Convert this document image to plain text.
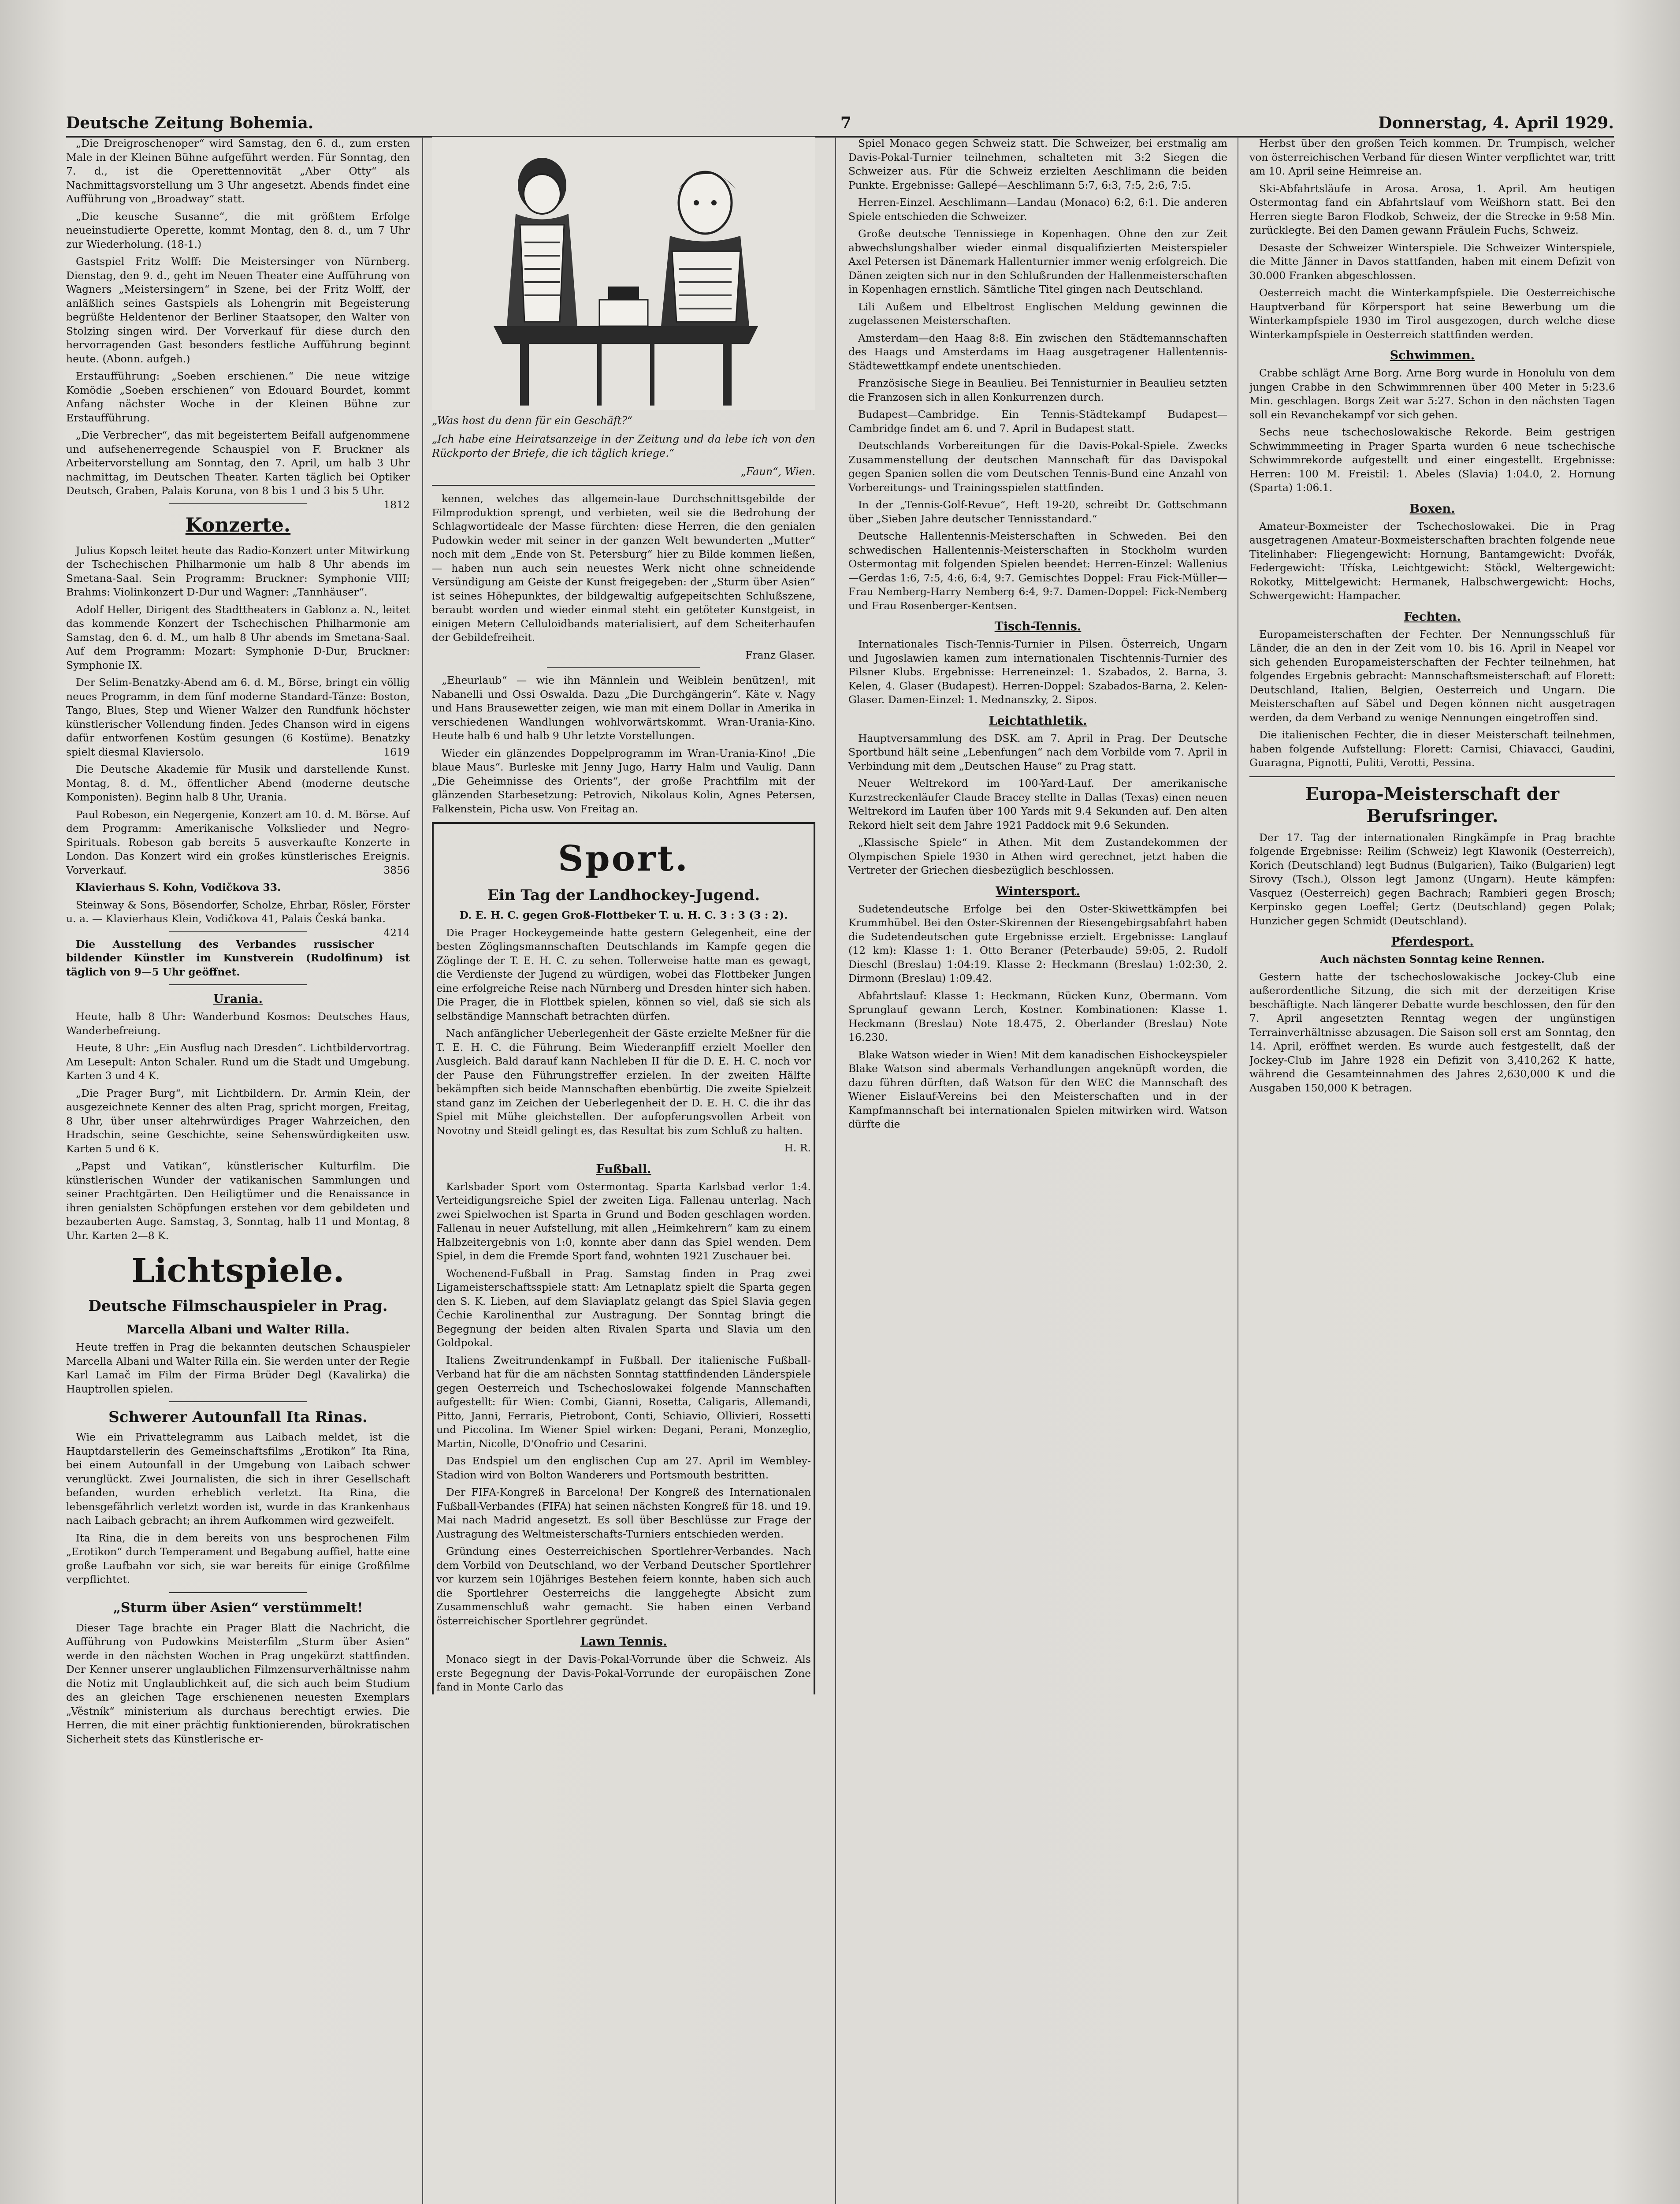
Deutsche Zeitung Bohemia.	7	Donnerstag, 4. April 1929.

„Die Dreigroschenoper“ wird Samstag, den 6. d., zum ersten Male in der Kleinen Bühne aufgeführt werden. Für Sonntag, den 7. d., ist die Operettennovität „Aber Otty“ als Nachmittagsvorstellung um 3 Uhr angesetzt. Abends findet eine Aufführung von „Broadway“ statt.

„Die keusche Susanne“, die mit größtem Erfolge neueinstudierte Operette, kommt Montag, den 8. d., um 7 Uhr zur Wiederholung. (18-1.)

Gastspiel Fritz Wolff: Die Meistersinger von Nürnberg. Dienstag, den 9. d., geht im Neuen Theater eine Aufführung von Wagners „Meistersingern“ in Szene, bei der Fritz Wolff, der anläßlich seines Gastspiels als Lohengrin mit Begeisterung begrüßte Heldentenor der Berliner Staatsoper, den Walter von Stolzing singen wird. Der Vorverkauf für diese durch den hervorragenden Gast besonders festliche Aufführung beginnt heute. (Abonn. aufgeh.)

Erstaufführung: „Soeben erschienen.“ Die neue witzige Komödie „Soeben erschienen“ von Edouard Bourdet, kommt Anfang nächster Woche in der Kleinen Bühne zur Erstaufführung.

„Die Verbrecher“, das mit begeistertem Beifall aufgenommene und aufsehenerregende Schauspiel von F. Bruckner als Arbeitervorstellung am Sonntag, den 7. April, um halb 3 Uhr nachmittag, im Deutschen Theater. Karten täglich bei Optiker Deutsch, Graben, Palais Koruna, von 8 bis 1 und 3 bis 5 Uhr.
1812

Konzerte.

Julius Kopsch leitet heute das Radio-Konzert unter Mitwirkung der Tschechischen Philharmonie um halb 8 Uhr abends im Smetana-Saal. Sein Programm: Bruckner: Symphonie VIII; Brahms: Violinkonzert D-Dur und Wagner: „Tannhäuser“.

Adolf Heller, Dirigent des Stadttheaters in Gablonz a. N., leitet das kommende Konzert der Tschechischen Philharmonie am Samstag, den 6. d. M., um halb 8 Uhr abends im Smetana-Saal. Auf dem Programm: Mozart: Symphonie D-Dur, Bruckner: Symphonie IX.

Der Selim-Benatzky-Abend am 6. d. M., Börse, bringt ein völlig neues Programm, in dem fünf moderne Standard-Tänze: Boston, Tango, Blues, Step und Wiener Walzer den Rundfunk höchster künstlerischer Vollendung finden. Jedes Chanson wird in eigens dafür entworfenen Kostüm gesungen (6 Kostüme). Benatzky spielt diesmal Klaviersolo.	1619

Die Deutsche Akademie für Musik und darstellende Kunst. Montag, 8. d. M., öffentlicher Abend (moderne deutsche Komponisten). Beginn halb 8 Uhr, Urania.

Paul Robeson, ein Negergenie, Konzert am 10. d. M. Börse. Auf dem Programm: Amerikanische Volkslieder und Negro-Spirituals. Robeson gab bereits 5 ausverkaufte Konzerte in London. Das Konzert wird ein großes künstlerisches Ereignis. Vorverkauf.	3856

Klavierhaus S. Kohn, Vodičkova 33.

Steinway & Sons, Bösendorfer, Scholze, Ehrbar, Rösler, Förster u. a. — Klavierhaus Klein, Vodičkova 41, Palais Česká banka.
4214

Die Ausstellung des Verbandes russischer bildender Künstler im Kunstverein (Rudolfinum) ist täglich von 9—5 Uhr geöffnet.

Urania.

Heute, halb 8 Uhr: Wanderbund Kosmos: Deutsches Haus, Wanderbefreiung.

Heute, 8 Uhr: „Ein Ausflug nach Dresden“. Lichtbildervortrag. Am Lesepult: Anton Schaler. Rund um die Stadt und Umgebung. Karten 3 und 4 K.

„Die Prager Burg“, mit Lichtbildern. Dr. Armin Klein, der ausgezeichnete Kenner des alten Prag, spricht morgen, Freitag, 8 Uhr, über unser altehrwürdiges Prager Wahrzeichen, den Hradschin, seine Geschichte, seine Sehenswürdigkeiten usw. Karten 5 und 6 K.

„Papst und Vatikan“, künstlerischer Kulturfilm. Die künstlerischen Wunder der vatikanischen Sammlungen und seiner Prachtgärten. Den Heiligtümer und die Renaissance in ihren genialsten Schöpfungen erstehen vor dem gebildeten und bezauberten Auge. Samstag, 3, Sonntag, halb 11 und Montag, 8 Uhr. Karten 2—8 K.

Lichtspiele.
Deutsche Filmschauspieler in Prag.
Marcella Albani und Walter Rilla.

Heute treffen in Prag die bekannten deutschen Schauspieler Marcella Albani und Walter Rilla ein. Sie werden unter der Regie Karl Lamač im Film der Firma Brüder Degl (Kavalirka) die Hauptrollen spielen.

Schwerer Autounfall Ita Rinas.

Wie ein Privattelegramm aus Laibach meldet, ist die Hauptdarstellerin des Gemeinschaftsfilms „Erotikon“ Ita Rina, bei einem Autounfall in der Umgebung von Laibach schwer verunglückt. Zwei Journalisten, die sich in ihrer Gesellschaft befanden, wurden erheblich verletzt. Ita Rina, die lebensgefährlich verletzt worden ist, wurde in das Krankenhaus nach Laibach gebracht; an ihrem Aufkommen wird gezweifelt.

Ita Rina, die in dem bereits von uns besprochenen Film „Erotikon“ durch Temperament und Begabung auffiel, hatte eine große Laufbahn vor sich, sie war bereits für einige Großfilme verpflichtet.

„Sturm über Asien“ verstümmelt!

Dieser Tage brachte ein Prager Blatt die Nachricht, die Aufführung von Pudowkins Meisterfilm „Sturm über Asien“ werde in den nächsten Wochen in Prag ungekürzt stattfinden. Der Kenner unserer unglaublichen Filmzensurverhältnisse nahm die Notiz mit Unglaublichkeit auf, die sich auch beim Studium des an gleichen Tage erschienenen neuesten Exemplars „Věstník“ ministerium als durchaus berechtigt erwies. Die Herren, die mit einer prächtig funktionierenden, bürokratischen Sicherheit stets das Künstlerische er-

„Was host du denn für ein Geschäft?“

„Ich habe eine Heiratsanzeige in der Zeitung und da lebe ich von den Rückporto der Briefe, die ich täglich kriege.“

„Faun“, Wien.

kennen, welches das allgemein-laue Durchschnittsgebilde der Filmproduktion sprengt, und verbieten, weil sie die Bedrohung der Schlagwortideale der Masse fürchten: diese Herren, die den genialen Pudowkin weder mit seiner in der ganzen Welt bewunderten „Mutter“ noch mit dem „Ende von St. Petersburg“ hier zu Bilde kommen ließen, — haben nun auch sein neuestes Werk nicht ohne schneidende Versündigung am Geiste der Kunst freigegeben: der „Sturm über Asien“ ist seines Höhepunktes, der bildgewaltig aufgepeitschten Schlußszene, beraubt worden und wieder einmal steht ein getöteter Kunstgeist, in einigen Metern Celluloidbands materialisiert, auf dem Scheiterhaufen der Gebildefreiheit.

Franz Glaser.

„Eheurlaub“ — wie ihn Männlein und Weiblein benützen!, mit Nabanelli und Ossi Oswalda. Dazu „Die Durchgängerin“. Käte v. Nagy und Hans Brausewetter zeigen, wie man mit einem Dollar in Amerika in verschiedenen Wandlungen wohlvorwärtskommt. Wran-Urania-Kino. Heute halb 6 und halb 9 Uhr letzte Vorstellungen.

Wieder ein glänzendes Doppelprogramm im Wran-Urania-Kino! „Die blaue Maus“. Burleske mit Jenny Jugo, Harry Halm und Vaulig. Dann „Die Geheimnisse des Orients“, der große Prachtfilm mit der glänzenden Starbesetzung: Petrovich, Nikolaus Kolin, Agnes Petersen, Falkenstein, Picha usw. Von Freitag an.

Sport.
Ein Tag der Landhockey-Jugend.

D. E. H. C. gegen Groß-Flottbeker T. u. H. C. 3 : 3 (3 : 2).

Die Prager Hockeygemeinde hatte gestern Gelegenheit, eine der besten Zöglingsmannschaften Deutschlands im Kampfe gegen die Zöglinge der T. E. H. C. zu sehen. Tollerweise hatte man es gewagt, die Verdienste der Jugend zu würdigen, wobei das Flottbeker Jungen eine erfolgreiche Reise nach Nürnberg und Dresden hinter sich haben. Die Prager, die in Flottbek spielen, können so viel, daß sie sich als selbständige Mannschaft betrachten dürfen.

Nach anfänglicher Ueberlegenheit der Gäste erzielte Meßner für die T. E. H. C. die Führung. Beim Wiederanpfiff erzielt Moeller den Ausgleich. Bald darauf kann Nachleben II für die D. E. H. C. noch vor der Pause den Führungstreffer erzielen. In der zweiten Hälfte bekämpften sich beide Mannschaften ebenbürtig. Die zweite Spielzeit stand ganz im Zeichen der Ueberlegenheit der D. E. H. C. die ihr das Spiel mit Mühe gleichstellen. Der aufopferungsvollen Arbeit von Novotny und Steidl gelingt es, das Resultat bis zum Schluß zu halten.

H. R.

Fußball.

Karlsbader Sport vom Ostermontag. Sparta Karlsbad verlor 1:4. Verteidigungsreiche Spiel der zweiten Liga. Fallenau unterlag. Nach zwei Spielwochen ist Sparta in Grund und Boden geschlagen worden. Fallenau in neuer Aufstellung, mit allen „Heimkehrern“ kam zu einem Halbzeitergebnis von 1:0, konnte aber dann das Spiel wenden. Dem Spiel, in dem die Fremde Sport fand, wohnten 1921 Zuschauer bei.

Wochenend-Fußball in Prag. Samstag finden in Prag zwei Ligameisterschaftsspiele statt: Am Letnaplatz spielt die Sparta gegen den S. K. Lieben, auf dem Slaviaplatz gelangt das Spiel Slavia gegen Čechie Karolinenthal zur Austragung. Der Sonntag bringt die Begegnung der beiden alten Rivalen Sparta und Slavia um den Goldpokal.

Italiens Zweitrundenkampf in Fußball. Der italienische Fußball-Verband hat für die am nächsten Sonntag stattfindenden Länderspiele gegen Oesterreich und Tschechoslowakei folgende Mannschaften aufgestellt: für Wien: Combi, Gianni, Rosetta, Caligaris, Allemandi, Pitto, Janni, Ferraris, Pietrobont, Conti, Schiavio, Ollivieri, Rossetti und Piccolina. Im Wiener Spiel wirken: Degani, Perani, Monzeglio, Martin, Nicolle, D'Onofrio und Cesarini.

Das Endspiel um den englischen Cup am 27. April im Wembley-Stadion wird von Bolton Wanderers und Portsmouth bestritten.

Der FIFA-Kongreß in Barcelona! Der Kongreß des Internationalen Fußball-Verbandes (FIFA) hat seinen nächsten Kongreß für 18. und 19. Mai nach Madrid angesetzt. Es soll über Beschlüsse zur Frage der Austragung des Weltmeisterschafts-Turniers entschieden werden.

Gründung eines Oesterreichischen Sportlehrer-Verbandes. Nach dem Vorbild von Deutschland, wo der Verband Deutscher Sportlehrer vor kurzem sein 10jähriges Bestehen feiern konnte, haben sich auch die Sportlehrer Oesterreichs die langgehegte Absicht zum Zusammenschluß wahr gemacht. Sie haben einen Verband österreichischer Sportlehrer gegründet.

Lawn Tennis.

Monaco siegt in der Davis-Pokal-Vorrunde über die Schweiz. Als erste Begegnung der Davis-Pokal-Vorrunde der europäischen Zone fand in Monte Carlo das

Spiel Monaco gegen Schweiz statt. Die Schweizer, bei erstmalig am Davis-Pokal-Turnier teilnehmen, schalteten mit 3:2 Siegen die Schweizer aus. Für die Schweiz erzielten Aeschlimann die beiden Punkte. Ergebnisse: Gallepé—Aeschlimann 5:7, 6:3, 7:5, 2:6, 7:5.

Herren-Einzel. Aeschlimann—Landau (Monaco) 6:2, 6:1. Die anderen Spiele entschieden die Schweizer.

Große deutsche Tennissiege in Kopenhagen. Ohne den zur Zeit abwechslungshalber wieder einmal disqualifizierten Meisterspieler Axel Petersen ist Dänemark Hallenturnier immer wenig erfolgreich. Die Dänen zeigten sich nur in den Schlußrunden der Hallenmeisterschaften in Kopenhagen ernstlich. Sämtliche Titel gingen nach Deutschland.

Lili Außem und Elbeltrost Englischen Meldung gewinnen die zugelassenen Meisterschaften.

Amsterdam—den Haag 8:8. Ein zwischen den Städtemannschaften des Haags und Amsterdams im Haag ausgetragener Hallentennis-Städtewettkampf endete unentschieden.

Französische Siege in Beaulieu. Bei Tennisturnier in Beaulieu setzten die Franzosen sich in allen Konkurrenzen durch.

Budapest—Cambridge. Ein Tennis-Städtekampf Budapest—Cambridge findet am 6. und 7. April in Budapest statt.

Deutschlands Vorbereitungen für die Davis-Pokal-Spiele. Zwecks Zusammenstellung der deutschen Mannschaft für das Davispokal gegen Spanien sollen die vom Deutschen Tennis-Bund eine Anzahl von Vorbereitungs- und Trainingsspielen stattfinden.

In der „Tennis-Golf-Revue“, Heft 19-20, schreibt Dr. Gottschmann über „Sieben Jahre deutscher Tennisstandard.“

Deutsche Hallentennis-Meisterschaften in Schweden. Bei den schwedischen Hallentennis-Meisterschaften in Stockholm wurden Ostermontag mit folgenden Spielen beendet: Herren-Einzel: Wallenius—Gerdas 1:6, 7:5, 4:6, 6:4, 9:7. Gemischtes Doppel: Frau Fick-Müller—Frau Nemberg-Harry Nemberg 6:4, 9:7. Damen-Doppel: Fick-Nemberg und Frau Rosenberger-Kentsen.

Tisch-Tennis.

Internationales Tisch-Tennis-Turnier in Pilsen. Österreich, Ungarn und Jugoslawien kamen zum internationalen Tischtennis-Turnier des Pilsner Klubs. Ergebnisse: Herreneinzel: 1. Szabados, 2. Barna, 3. Kelen, 4. Glaser (Budapest). Herren-Doppel: Szabados-Barna, 2. Kelen-Glaser. Damen-Einzel: 1. Mednanszky, 2. Sipos.

Leichtathletik.

Hauptversammlung des DSK. am 7. April in Prag. Der Deutsche Sportbund hält seine „Lebenfungen“ nach dem Vorbilde vom 7. April in Verbindung mit dem „Deutschen Hause“ zu Prag statt.

Neuer Weltrekord im 100-Yard-Lauf. Der amerikanische Kurzstreckenläufer Claude Bracey stellte in Dallas (Texas) einen neuen Weltrekord im Laufen über 100 Yards mit 9.4 Sekunden auf. Den alten Rekord hielt seit dem Jahre 1921 Paddock mit 9.6 Sekunden.

„Klassische Spiele“ in Athen. Mit dem Zustandekommen der Olympischen Spiele 1930 in Athen wird gerechnet, jetzt haben die Vertreter der Griechen diesbezüglich beschlossen.

Wintersport.

Sudetendeutsche Erfolge bei den Oster-Skiwettkämpfen bei Krummhübel. Bei den Oster-Skirennen der Riesengebirgsabfahrt haben die Sudetendeutschen gute Ergebnisse erzielt. Ergebnisse: Langlauf (12 km): Klasse 1: 1. Otto Beraner (Peterbaude) 59:05, 2. Rudolf Dieschl (Breslau) 1:04:19. Klasse 2: Heckmann (Breslau) 1:02:30, 2. Dirmonn (Breslau) 1:09.42.

Abfahrtslauf: Klasse 1: Heckmann, Rücken Kunz, Obermann. Vom Sprunglauf gewann Lerch, Kostner. Kombinationen: Klasse 1. Heckmann (Breslau) Note 18.475, 2. Oberlander (Breslau) Note 16.230.

Blake Watson wieder in Wien! Mit dem kanadischen Eishockeyspieler Blake Watson sind abermals Verhandlungen angeknüpft worden, die dazu führen dürften, daß Watson für den WEC die Mannschaft des Wiener Eislauf-Vereins bei den Meisterschaften und in der Kampfmannschaft bei internationalen Spielen mitwirken wird. Watson dürfte die

Herbst über den großen Teich kommen. Dr. Trumpisch, welcher von österreichischen Verband für diesen Winter verpflichtet war, tritt am 10. April seine Heimreise an.

Ski-Abfahrtsläufe in Arosa. Arosa, 1. April. Am heutigen Ostermontag fand ein Abfahrtslauf vom Weißhorn statt. Bei den Herren siegte Baron Flodkob, Schweiz, der die Strecke in 9:58 Min. zurücklegte. Bei den Damen gewann Fräulein Fuchs, Schweiz.

Desaste der Schweizer Winterspiele. Die Schweizer Winterspiele, die Mitte Jänner in Davos stattfanden, haben mit einem Defizit von 30.000 Franken abgeschlossen.

Oesterreich macht die Winterkampfspiele. Die Oesterreichische Hauptverband für Körpersport hat seine Bewerbung um die Winterkampfspiele 1930 im Tirol ausgezogen, durch welche diese Winterkampfspiele in Oesterreich stattfinden werden.

Schwimmen.

Crabbe schlägt Arne Borg. Arne Borg wurde in Honolulu von dem jungen Crabbe in den Schwimmrennen über 400 Meter in 5:23.6 Min. geschlagen. Borgs Zeit war 5:27. Schon in den nächsten Tagen soll ein Revanchekampf vor sich gehen.

Sechs neue tschechoslowakische Rekorde. Beim gestrigen Schwimmmeeting in Prager Sparta wurden 6 neue tschechische Schwimmrekorde aufgestellt und einer eingestellt. Ergebnisse: Herren: 100 M. Freistil: 1. Abeles (Slavia) 1:04.0, 2. Hornung (Sparta) 1:06.1.

Boxen.

Amateur-Boxmeister der Tschechoslowakei. Die in Prag ausgetragenen Amateur-Boxmeisterschaften brachten folgende neue Titelinhaber: Fliegengewicht: Hornung, Bantamgewicht: Dvořák, Federgewicht: Tříska, Leichtgewicht: Stöckl, Weltergewicht: Rokotky, Mittelgewicht: Hermanek, Halbschwergewicht: Hochs, Schwergewicht: Hampacher.

Fechten.

Europameisterschaften der Fechter. Der Nennungsschluß für Länder, die an den in der Zeit vom 10. bis 16. April in Neapel vor sich gehenden Europameisterschaften der Fechter teilnehmen, hat folgendes Ergebnis gebracht: Mannschaftsmeisterschaft auf Florett: Deutschland, Italien, Belgien, Oesterreich und Ungarn. Die Meisterschaften auf Säbel und Degen können nicht ausgetragen werden, da dem Verband zu wenige Nennungen eingetroffen sind.

Die italienischen Fechter, die in dieser Meisterschaft teilnehmen, haben folgende Aufstellung: Florett: Carnisi, Chiavacci, Gaudini, Guaragna, Pignotti, Puliti, Verotti, Pessina.

Europa-Meisterschaft der Berufsringer.

Der 17. Tag der internationalen Ringkämpfe in Prag brachte folgende Ergebnisse: Reilim (Schweiz) legt Klawonik (Oesterreich), Korich (Deutschland) legt Budnus (Bulgarien), Taiko (Bulgarien) legt Sirovy (Tsch.), Olsson legt Jamonz (Ungarn). Heute kämpfen: Vasquez (Oesterreich) gegen Bachrach; Rambieri gegen Brosch; Kerpinsko gegen Loeffel; Gertz (Deutschland) gegen Polak; Hunzicher gegen Schmidt (Deutschland).

Pferdesport.

Auch nächsten Sonntag keine Rennen.

Gestern hatte der tschechoslowakische Jockey-Club eine außerordentliche Sitzung, die sich mit der derzeitigen Krise beschäftigte. Nach längerer Debatte wurde beschlossen, den für den 7. April angesetzten Renntag wegen der ungünstigen Terrainverhältnisse abzusagen. Die Saison soll erst am Sonntag, den 14. April, eröffnet werden. Es wurde auch festgestellt, daß der Jockey-Club im Jahre 1928 ein Defizit von 3,410,262 K hatte, während die Gesamteinnahmen des Jahres 2,630,000 K und die Ausgaben 150,000 K betragen.
